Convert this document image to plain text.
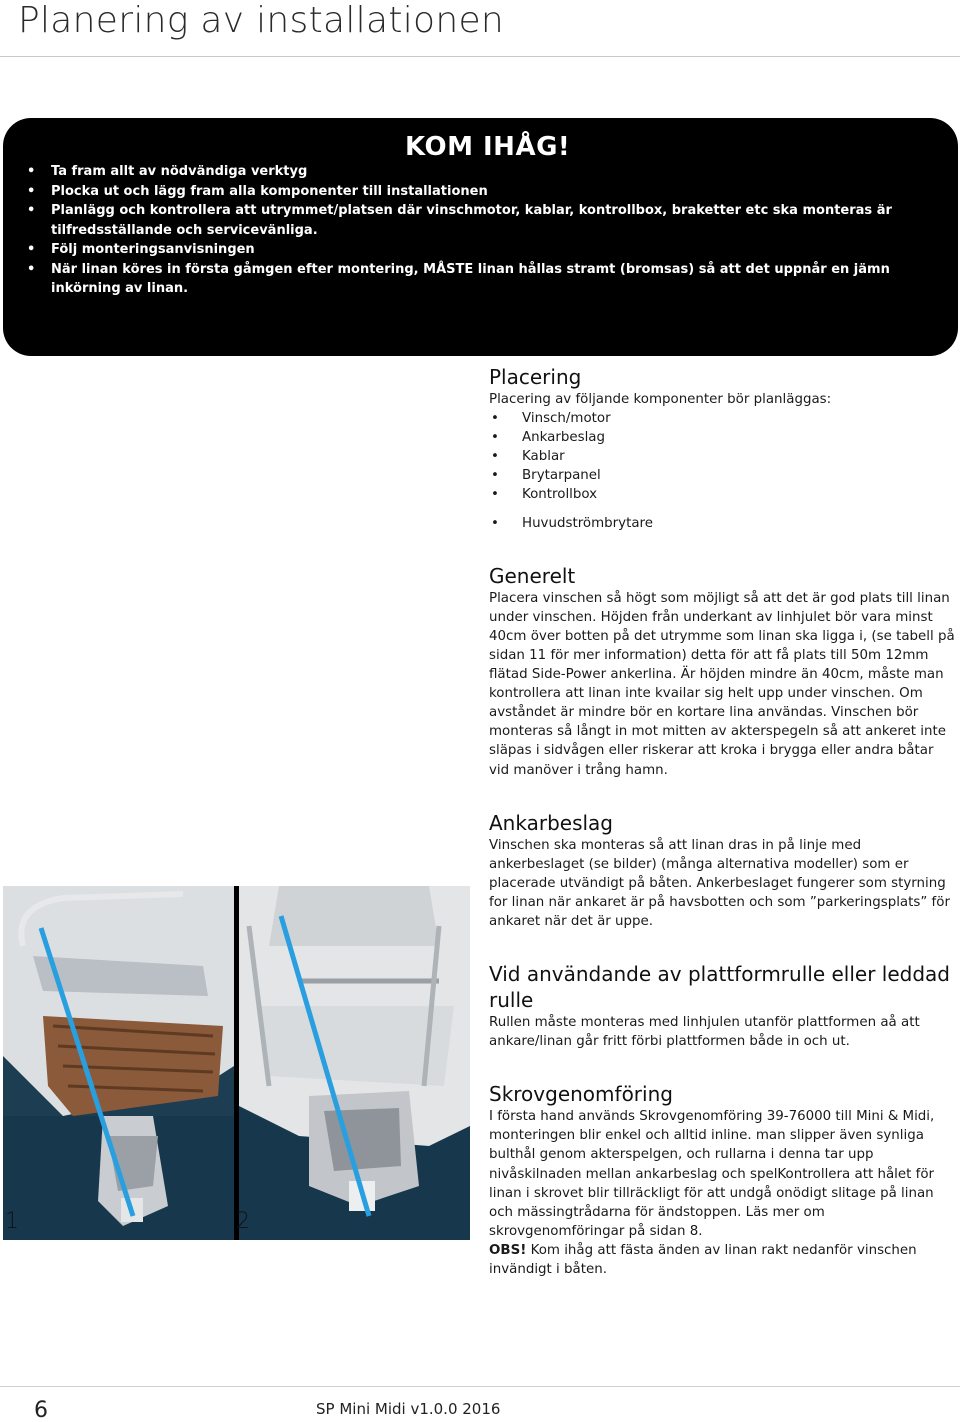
Planering av installationen
KOM IHÅG!
• Ta fram allt av nödvändiga verktyg
• Plocka ut och lägg fram alla komponenter till installationen
• Planlägg och kontrollera att utrymmet/platsen där vinschmotor, kablar, kontrollbox, braketter etc ska monteras är tilfredsställande och servicevänliga.
• Följ monteringsanvisningen
• När linan köres in första gåmgen efter montering, MÅSTE linan hållas stramt (bromsas) så att det uppnår en jämn inkörning av linan.
Placering

Placering av följande komponenter bör planläggas:

• Vinsch/motor
• Ankarbeslag
• Kablar
• Brytarpanel
• Kontrollbox
• Huvudströmbrytare
Generelt

Placera vinschen så högt som möjligt så att det är god plats till linan under vinschen. Höjden från underkant av linhjulet bör vara minst 40cm över botten på det utrymme som linan ska ligga i, (se tabell på sidan 11 för mer information) detta för att få plats till 50m 12mm flätad Side-Power ankerlina. Är höjden mindre än 40cm, måste man kontrollera att linan inte kvailar sig helt upp under vinschen. Om avståndet är mindre bör en kortare lina användas. Vinschen bör monteras så långt in mot mitten av akterspegeln så att ankeret inte släpas i sidvågen eller riskerar att kroka i brygga eller andra båtar vid manöver i trång hamn.

Ankarbeslag

Vinschen ska monteras så att linan dras in på linje med ankerbeslaget (se bilder) (många alternativa modeller) som er placerade utvändigt på båten. Ankerbeslaget fungerer som styrning for linan när ankaret är på havsbotten och som ”parkeringsplats” för ankaret när det är uppe.

Vid användande av plattformrulle eller leddad rulle

Rullen måste monteras med linhjulen utanför plattformen aå att ankare/linan går fritt förbi plattformen både in och ut.

Skrovgenomföring

I första hand används Skrovgenomföring 39-76000 till Mini & Midi, monteringen blir enkel och alltid inline. man slipper även synliga bulthål genom akterspelgen, och rullarna i denna tar upp nivåskilnaden mellan ankarbeslag och spelKontrollera att hålet för linan i skrovet blir tillräckligt för att undgå onödigt slitage på linan och mässingtrådarna för ändstoppen. Läs mer om skrovgenomföringar på sidan 8.

OBS! Kom ihåg att fästa änden av linan rakt nedanför vinschen invändigt i båten.

1	2
6	SP Mini Midi v1.0.0 2016
